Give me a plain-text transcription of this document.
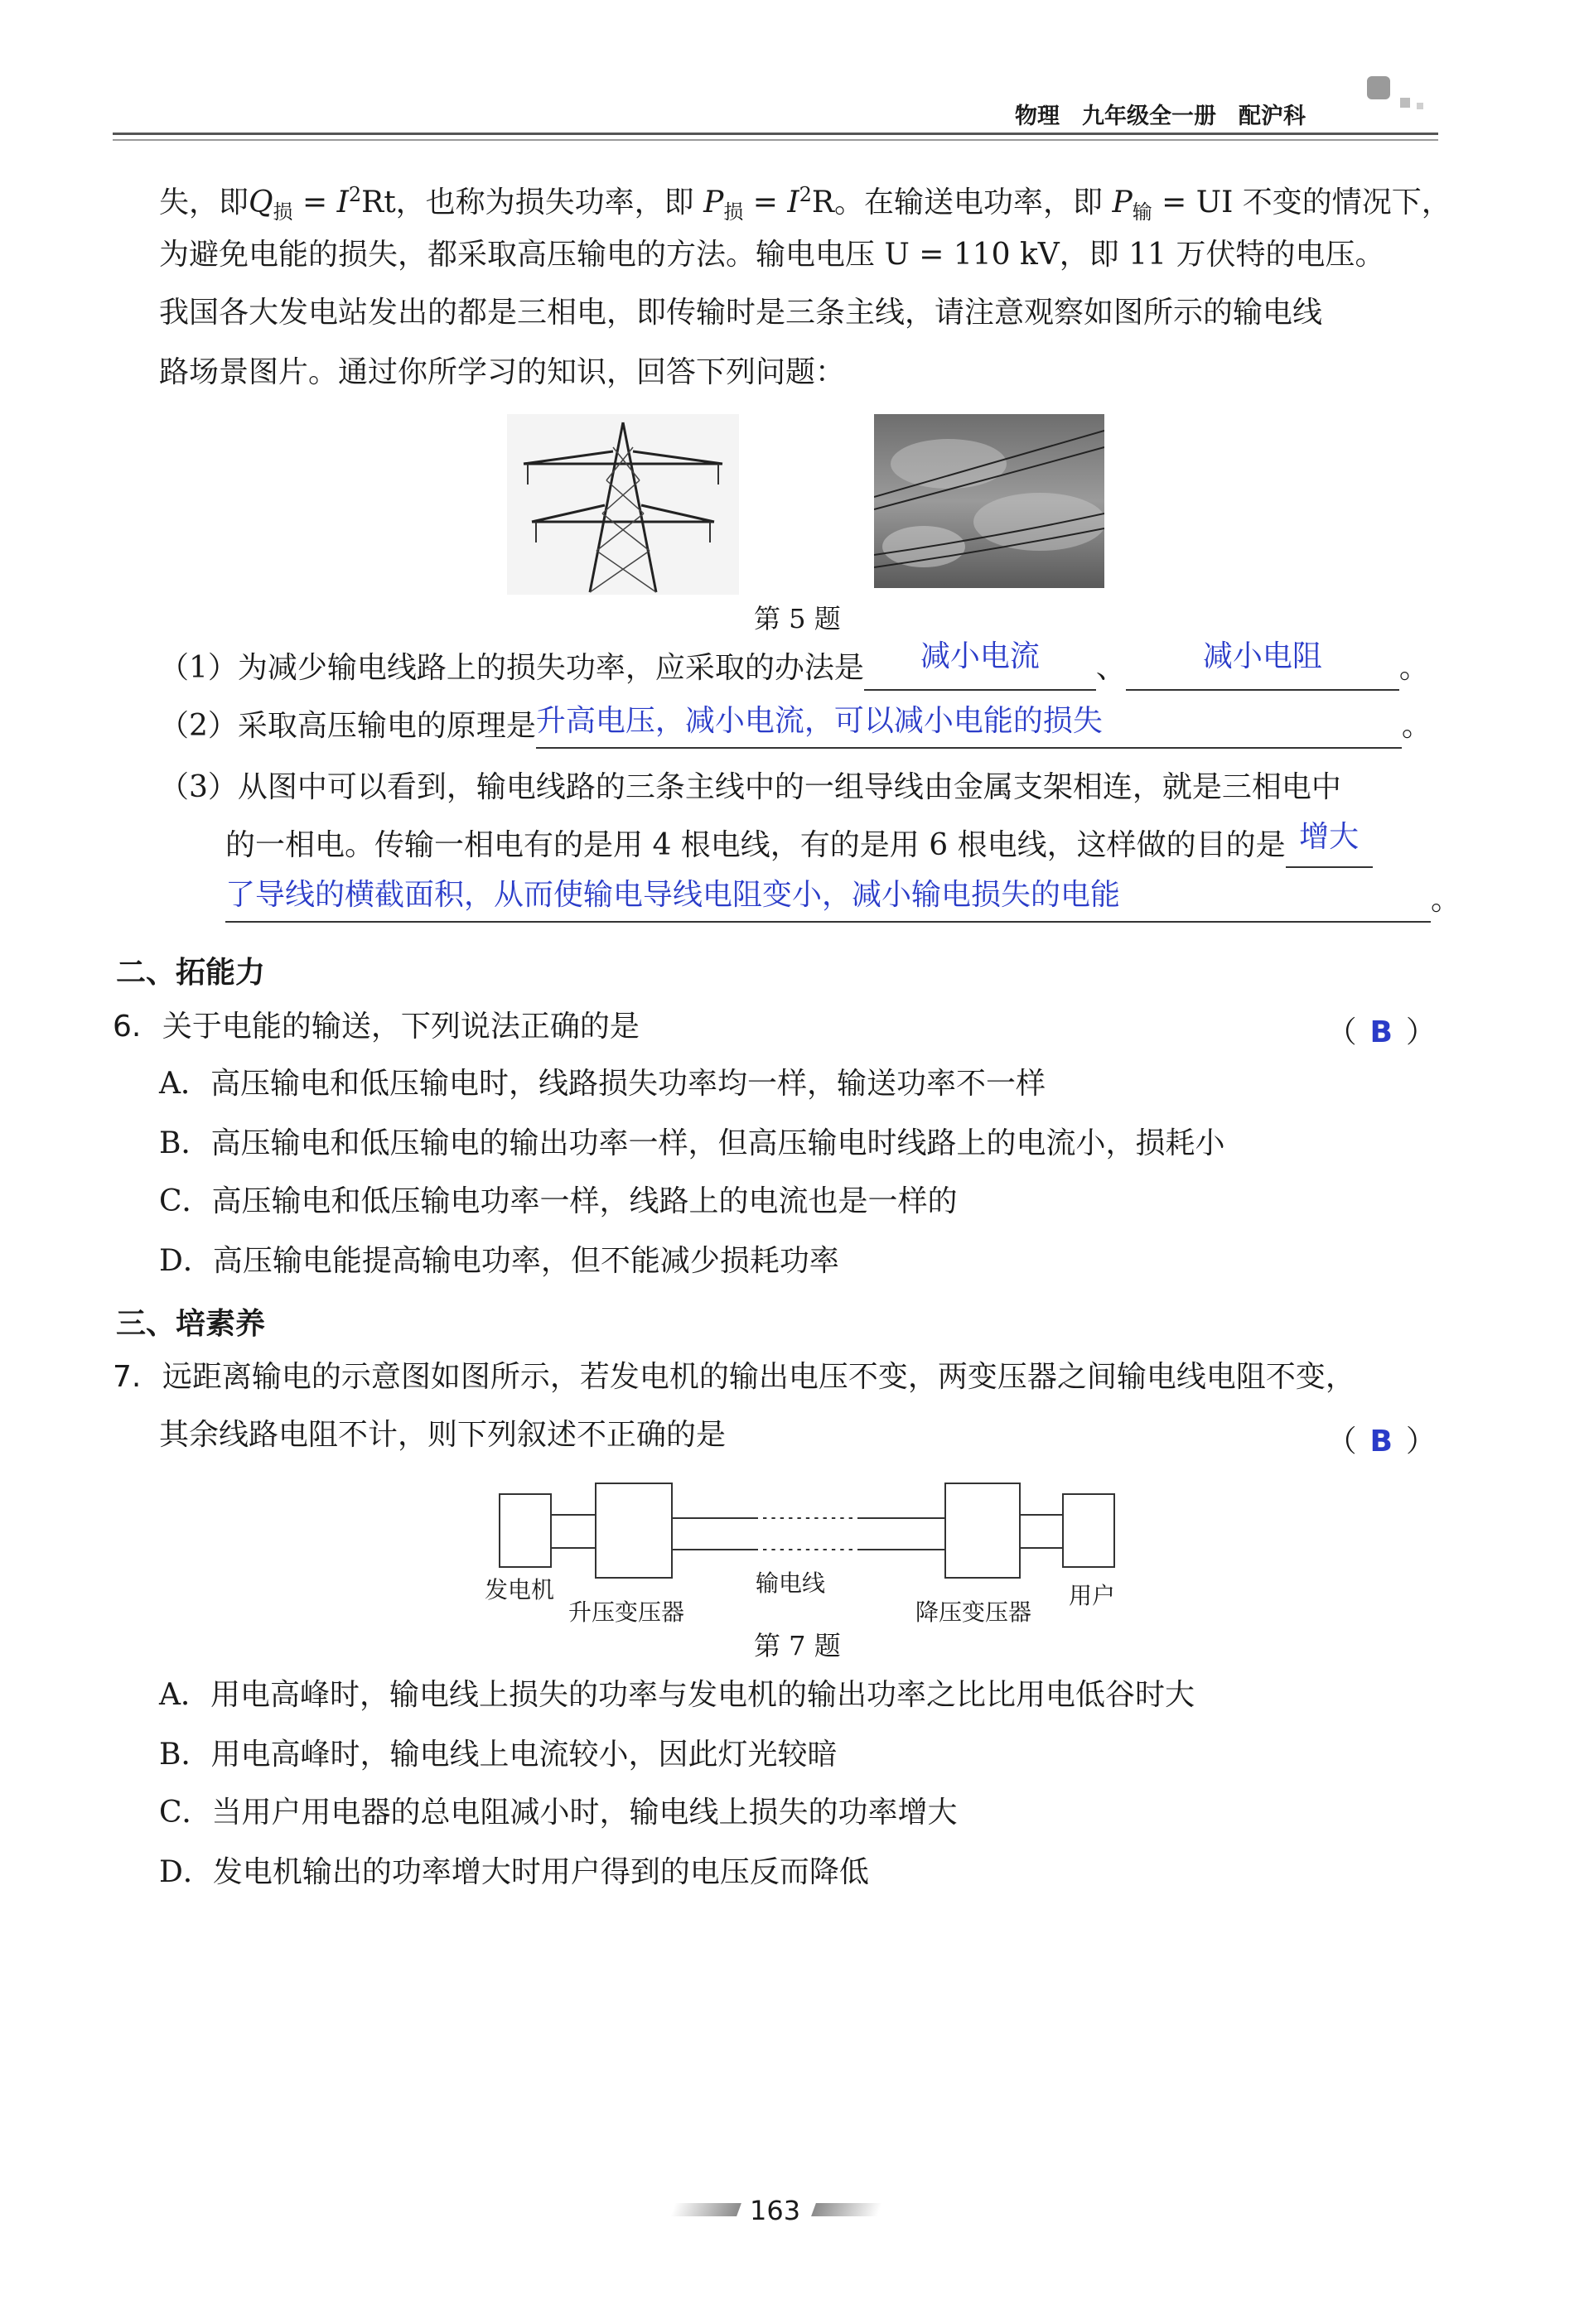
物理　九年级全一册　配沪科
失，即$Q_损 = I^2Rt$，也称为损失功率，即 $P_损 = I^2R$。在输送电功率，即 $P_输$ = UI 不变的情况下，
为避免电能的损失，都采取高压输电的方法。输电电压 U = 110 kV，即 11 万伏特的电压。
我国各大发电站发出的都是三相电，即传输时是三条主线，请注意观察如图所示的输电线
路场景图片。通过你所学习的知识，回答下列问题：
第 5 题
（1）为减少输电线路上的损失功率，应采取的办法是 减小电流 、	减小电阻	。
（2）采取高压输电的原理是升高电压，减小电流，可以减小电能的损失	。
（3）从图中可以看到，输电线路的三条主线中的一组导线由金属支架相连，就是三相电中
的一相电。传输一相电有的是用 4 根电线，有的是用 6 根电线，这样做的目的是 增大
了导线的横截面积，从而使输电导线电阻变小，减小输电损失的电能	。
二、拓能力
6. 关于电能的输送，下列说法正确的是	（ B ）
A．高压输电和低压输电时，线路损失功率均一样，输送功率不一样
B．高压输电和低压输电的输出功率一样，但高压输电时线路上的电流小，损耗小
C．高压输电和低压输电功率一样，线路上的电流也是一样的
D．高压输电能提高输电功率，但不能减少损耗功率
三、培素养
7. 远距离输电的示意图如图所示，若发电机的输出电压不变，两变压器之间输电线电阻不变，
其余线路电阻不计，则下列叙述不正确的是	（ B ）
发电机
升压变压器
输电线
降压变压器
用户
第 7 题
A．用电高峰时，输电线上损失的功率与发电机的输出功率之比比用电低谷时大
B．用电高峰时，输电线上电流较小，因此灯光较暗
C．当用户用电器的总电阻减小时，输电线上损失的功率增大
D．发电机输出的功率增大时用户得到的电压反而降低
163
